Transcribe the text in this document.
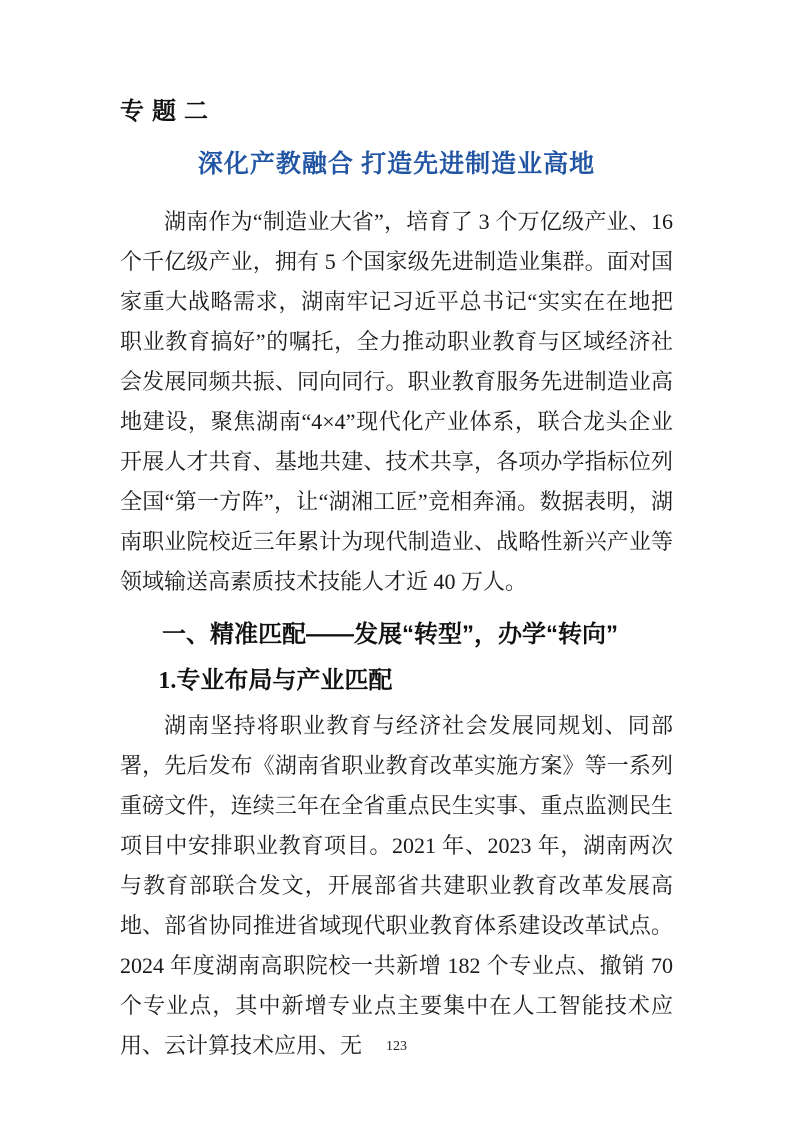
专题二
深化产教融合 打造先进制造业高地

湖南作为“制造业大省”，培育了 3 个万亿级产业、16 个千亿级产业，拥有 5 个国家级先进制造业集群。面对国家重大战略需求，湖南牢记习近平总书记“实实在在地把职业教育搞好”的嘱托，全力推动职业教育与区域经济社会发展同频共振、同向同行。职业教育服务先进制造业高地建设，聚焦湖南“4×4”现代化产业体系，联合龙头企业开展人才共育、基地共建、技术共享，各项办学指标位列全国“第一方阵”，让“湖湘工匠”竞相奔涌。数据表明，湖南职业院校近三年累计为现代制造业、战略性新兴产业等领域输送高素质技术技能人才近 40 万人。

一、精准匹配——发展“转型”，办学“转向”
1.专业布局与产业匹配

湖南坚持将职业教育与经济社会发展同规划、同部署，先后发布《湖南省职业教育改革实施方案》等一系列重磅文件，连续三年在全省重点民生实事、重点监测民生项目中安排职业教育项目。2021 年、2023 年，湖南两次与教育部联合发文，开展部省共建职业教育改革发展高地、部省协同推进省域现代职业教育体系建设改革试点。2024 年度湖南高职院校一共新增 182 个专业点、撤销 70 个专业点，其中新增专业点主要集中在人工智能技术应用、云计算技术应用、无	123
